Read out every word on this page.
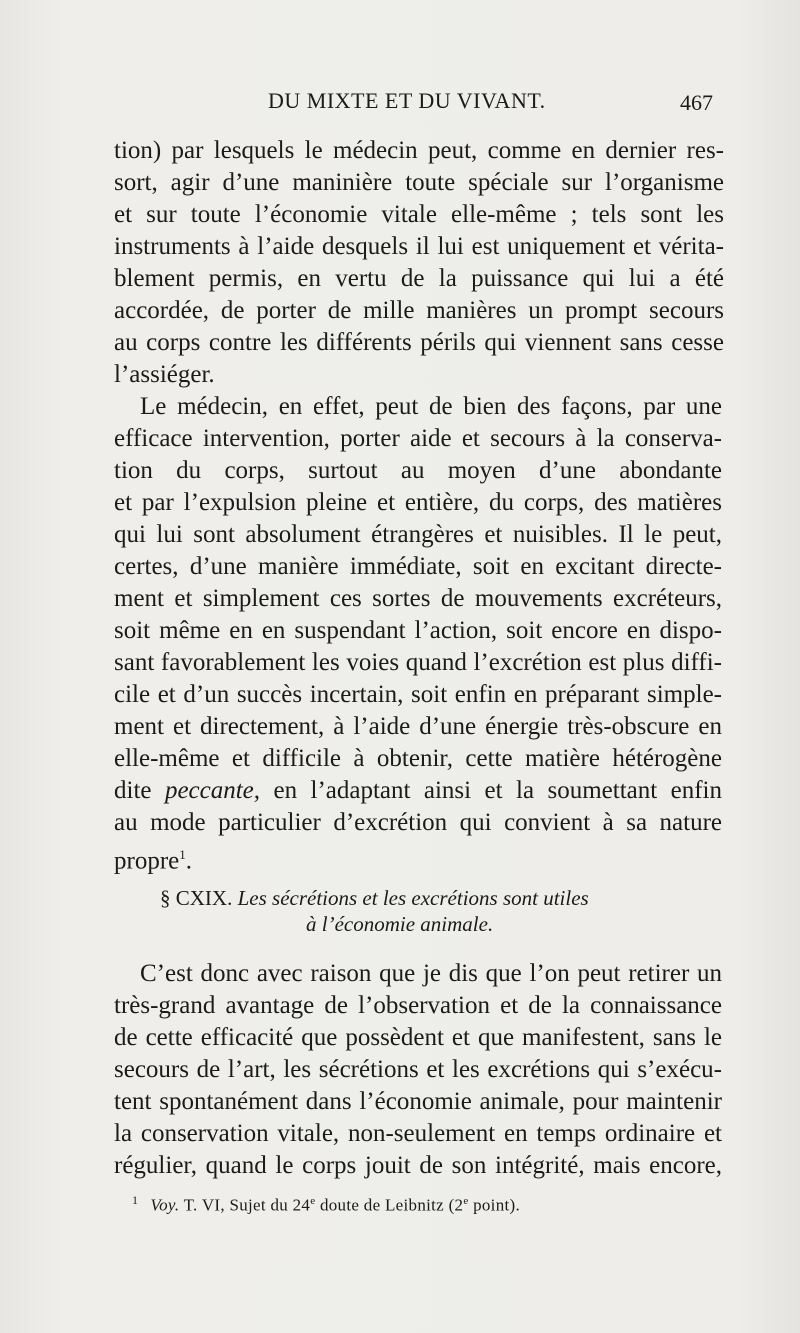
DU MIXTE ET DU VIVANT.	467
tion) par lesquels le médecin peut, comme en dernier res-
sort, agir d’une maninière toute spéciale sur l’organisme
et sur toute l’économie vitale elle-même ; tels sont les
instruments à l’aide desquels il lui est uniquement et vérita-
blement permis, en vertu de la puissance qui lui a été
accordée, de porter de mille manières un prompt secours
au corps contre les différents périls qui viennent sans cesse
l’assiéger.
Le médecin, en effet, peut de bien des façons, par une
efficace intervention, porter aide et secours à la conserva-
tion du corps, surtout au moyen d’une abondante
et par l’expulsion pleine et entière, du corps, des matières
qui lui sont absolument étrangères et nuisibles. Il le peut,
certes, d’une manière immédiate, soit en excitant directe-
ment et simplement ces sortes de mouvements excréteurs,
soit même en en suspendant l’action, soit encore en dispo-
sant favorablement les voies quand l’excrétion est plus diffi-
cile et d’un succès incertain, soit enfin en préparant simple-
ment et directement, à l’aide d’une énergie très-obscure en
elle-même et difficile à obtenir, cette matière hétérogène
dite peccante, en l’adaptant ainsi et la soumettant enfin
au mode particulier d’excrétion qui convient à sa nature
propre$^1$.
§ CXIX. Les sécrétions et les excrétions sont utiles
à l’économie animale.
C’est donc avec raison que je dis que l’on peut retirer un
très-grand avantage de l’observation et de la connaissance
de cette efficacité que possèdent et que manifestent, sans le
secours de l’art, les sécrétions et les excrétions qui s’exécu-
tent spontanément dans l’économie animale, pour maintenir
la conservation vitale, non-seulement en temps ordinaire et
régulier, quand le corps jouit de son intégrité, mais encore,
$^1$ Voy. T. VI, Sujet du 24e doute de Leibnitz (2e point).
